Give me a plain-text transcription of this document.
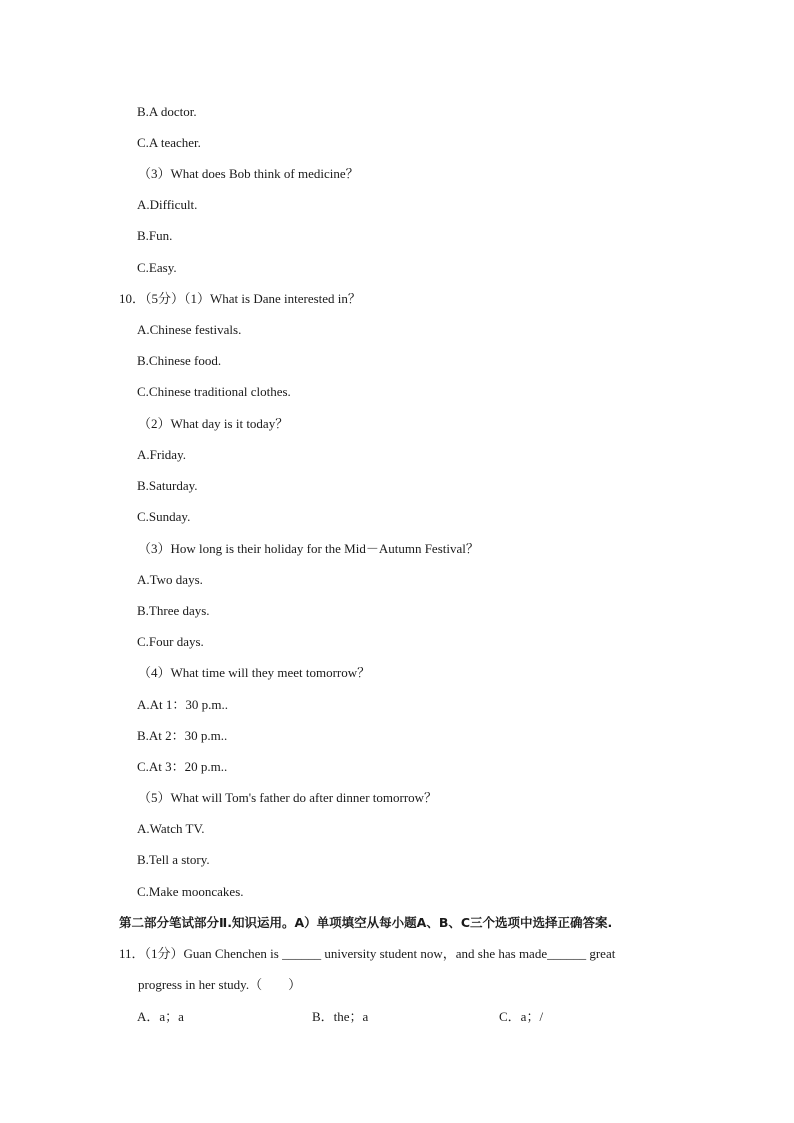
B.A doctor.
C.A teacher.
（3）What does Bob think of medicine？
A.Difficult.
B.Fun.
C.Easy.
10．（5分）（1）What is Dane interested in？
A.Chinese festivals.
B.Chinese food.
C.Chinese traditional clothes.
（2）What day is it today？
A.Friday.
B.Saturday.
C.Sunday.
（3）How long is their holiday for the Mid－Autumn Festival？
A.Two days.
B.Three days.
C.Four days.
（4）What time will they meet tomorrow？
A.At 1：30 p.m..
B.At 2：30 p.m..
C.At 3：20 p.m..
（5）What will Tom's father do after dinner tomorrow？
A.Watch TV.
B.Tell a story.
C.Make mooncakes.
第二部分笔试部分Ⅱ.知识运用。A）单项填空从每小题A、B、C三个选项中选择正确答案.
11．（1分）Guan Chenchen is ______ university student now，and she has made______ great
progress in her study.（　　）
A．a；a	B．the；a	C．a；/
